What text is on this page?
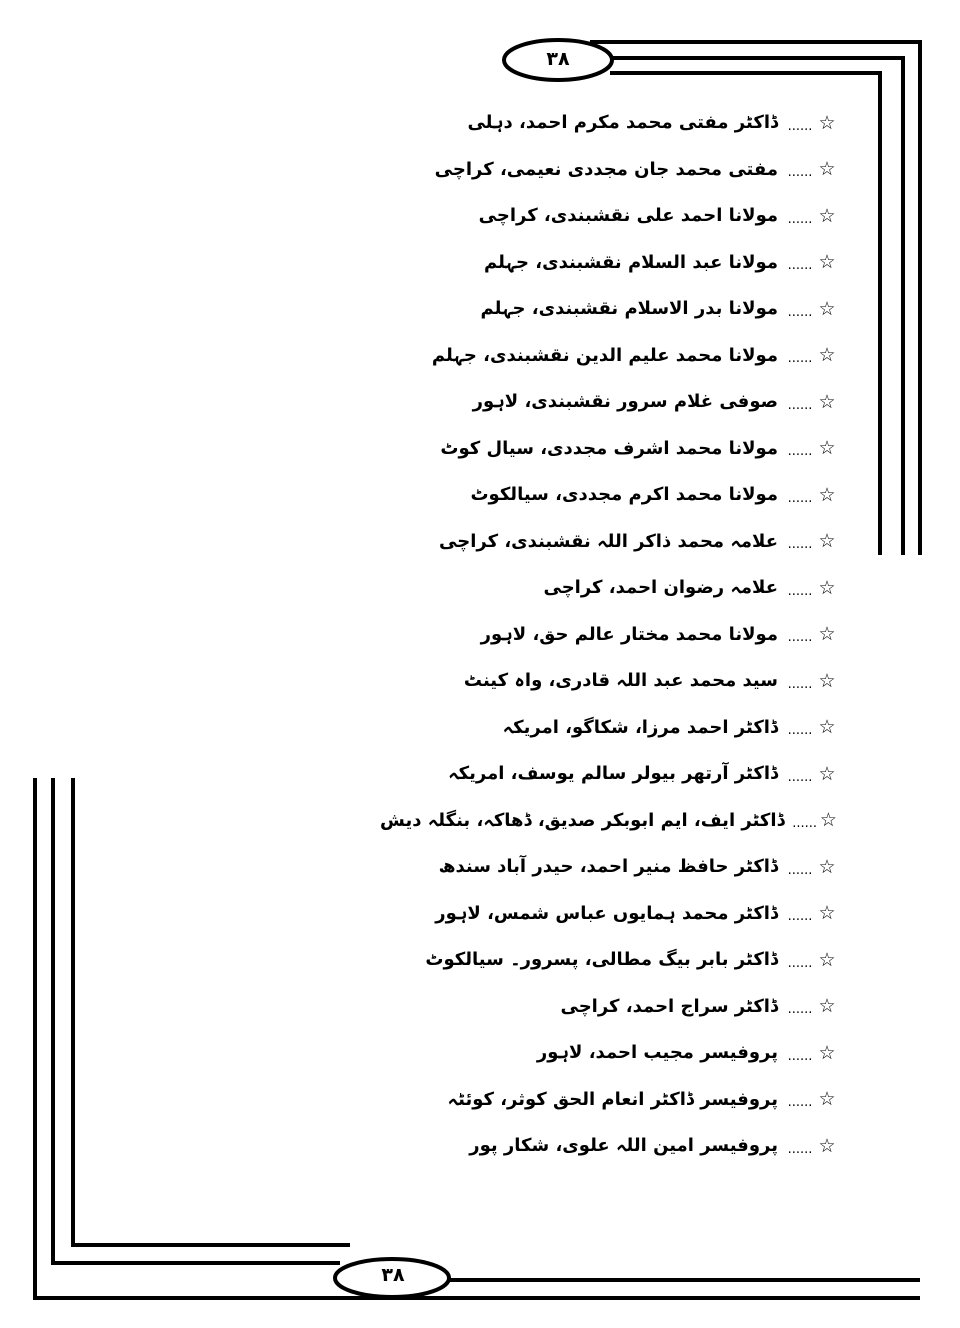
۳۸
۳۸
☆
......
ڈاکٹر مفتی محمد مکرم احمد، دہلی
☆
......
مفتی محمد جان مجددی نعیمی، کراچی
☆
......
مولانا احمد علی نقشبندی، کراچی
☆
......
مولانا عبد السلام نقشبندی، جہلم
☆
......
مولانا بدر الاسلام نقشبندی، جہلم
☆
......
مولانا محمد علیم الدین نقشبندی، جہلم
☆
......
صوفی غلام سرور نقشبندی، لاہور
☆
......
مولانا محمد اشرف مجددی، سیال کوٹ
☆
......
مولانا محمد اکرم مجددی، سیالکوٹ
☆
......
علامہ محمد ذاکر اللہ نقشبندی، کراچی
☆
......
علامہ رضوان احمد، کراچی
☆
......
مولانا محمد مختار عالم حق، لاہور
☆
......
سید محمد عبد اللہ قادری، واہ کینٹ
☆
......
ڈاکٹر احمد مرزا، شکاگو، امریکہ
☆
......
ڈاکٹر آرتھر بیولر سالم یوسف، امریکہ
☆
......
ڈاکٹر ایف، ایم ابوبکر صدیق، ڈھاکہ، بنگلہ دیش
☆
......
ڈاکٹر حافظ منیر احمد، حیدر آباد سندھ
☆
......
ڈاکٹر محمد ہمایوں عباس شمس، لاہور
☆
......
ڈاکٹر بابر بیگ مطالی، پسرور۔ سیالکوٹ
☆
......
ڈاکٹر سراج احمد، کراچی
☆
......
پروفیسر مجیب احمد، لاہور
☆
......
پروفیسر ڈاکٹر انعام الحق کوثر، کوئٹہ
☆
......
پروفیسر امین اللہ علوی، شکار پور
